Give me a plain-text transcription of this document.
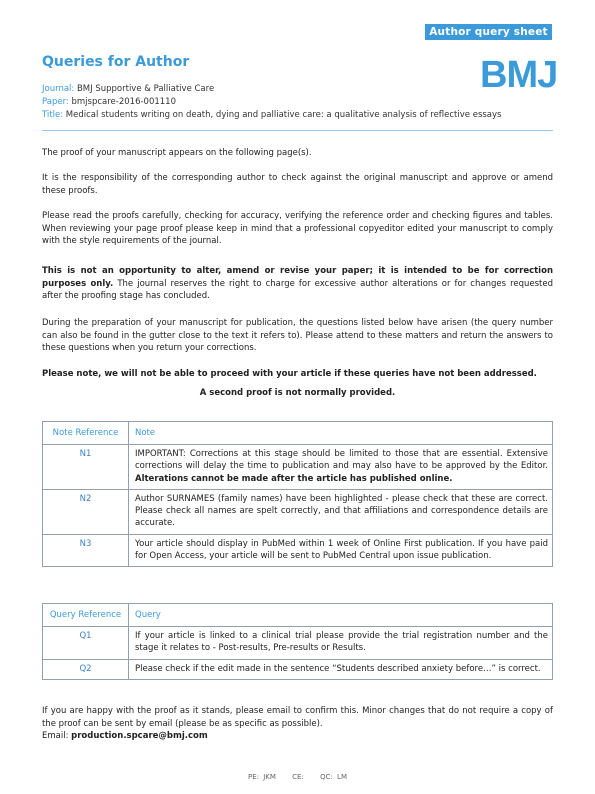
Author query sheet
Queries for Author	BMJ
Journal: BMJ Supportive & Palliative Care
Paper: bmjspcare-2016-001110
Title: Medical students writing on death, dying and palliative care: a qualitative analysis of reflective essays
The proof of your manuscript appears on the following page(s).
It is the responsibility of the corresponding author to check against the original manuscript and approve or amend these proofs.
Please read the proofs carefully, checking for accuracy, verifying the reference order and checking figures and tables. When reviewing your page proof please keep in mind that a professional copyeditor edited your manuscript to comply with the style requirements of the journal.
This is not an opportunity to alter, amend or revise your paper; it is intended to be for correction purposes only. The journal reserves the right to charge for excessive author alterations or for changes requested after the proofing stage has concluded.
During the preparation of your manuscript for publication, the questions listed below have arisen (the query number can also be found in the gutter close to the text it refers to). Please attend to these matters and return the answers to these questions when you return your corrections.
Please note, we will not be able to proceed with your article if these queries have not been addressed.
A second proof is not normally provided.
Note Reference	Note
N1	IMPORTANT: Corrections at this stage should be limited to those that are essential. Extensive corrections will delay the time to publication and may also have to be approved by the Editor. Alterations cannot be made after the article has published online.
N2	Author SURNAMES (family names) have been highlighted - please check that these are correct. Please check all names are spelt correctly, and that affiliations and correspondence details are accurate.
N3	Your article should display in PubMed within 1 week of Online First publication. If you have paid for Open Access, your article will be sent to PubMed Central upon issue publication.
Query Reference	Query
Q1	If your article is linked to a clinical trial please provide the trial registration number and the stage it relates to - Post-results, Pre-results or Results.
Q2	Please check if the edit made in the sentence “Students described anxiety before…” is correct.
If you are happy with the proof as it stands, please email to confirm this. Minor changes that do not require a copy of the proof can be sent by email (please be as specific as possible).
Email: production.spcare@bmj.com
PE: JKM CE: QC: LM
